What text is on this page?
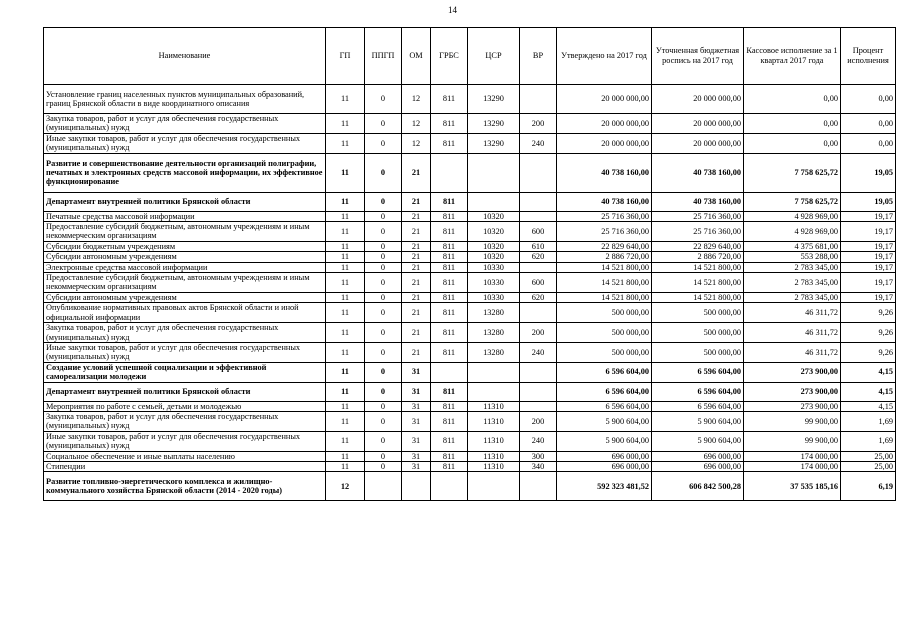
14
Наименование	ГП	ППГП	ОМ	ГРБС	ЦСР	ВР	Утверждено на 2017 год	Уточненная бюджетная роспись на 2017 год	Кассовое исполнение за 1 квартал 2017 года	Процент исполнения
Установление границ населенных пунктов муниципальных образований, границ Брянской области в виде координатного описания	11	0	12	811	13290		20 000 000,00	20 000 000,00	0,00	0,00
Закупка товаров, работ и услуг для обеспечения государственных (муниципальных) нужд	11	0	12	811	13290	200	20 000 000,00	20 000 000,00	0,00	0,00
Иные закупки товаров, работ и услуг для обеспечения государственных (муниципальных) нужд	11	0	12	811	13290	240	20 000 000,00	20 000 000,00	0,00	0,00
Развитие и совершенствование деятельности организаций полиграфии, печатных и электронных средств массовой информации, их эффективное функционирование	11	0	21				40 738 160,00	40 738 160,00	7 758 625,72	19,05
Департамент внутренней политики Брянской области	11	0	21	811			40 738 160,00	40 738 160,00	7 758 625,72	19,05
Печатные средства массовой информации	11	0	21	811	10320		25 716 360,00	25 716 360,00	4 928 969,00	19,17
Предоставление субсидий бюджетным, автономным учреждениям и иным некоммерческим организациям	11	0	21	811	10320	600	25 716 360,00	25 716 360,00	4 928 969,00	19,17
Субсидии бюджетным учреждениям	11	0	21	811	10320	610	22 829 640,00	22 829 640,00	4 375 681,00	19,17
Субсидии автономным учреждениям	11	0	21	811	10320	620	2 886 720,00	2 886 720,00	553 288,00	19,17
Электронные средства массовой информации	11	0	21	811	10330		14 521 800,00	14 521 800,00	2 783 345,00	19,17
Предоставление субсидий бюджетным, автономным учреждениям и иным некоммерческим организациям	11	0	21	811	10330	600	14 521 800,00	14 521 800,00	2 783 345,00	19,17
Субсидии автономным учреждениям	11	0	21	811	10330	620	14 521 800,00	14 521 800,00	2 783 345,00	19,17
Опубликование нормативных правовых актов Брянской области и иной официальной информации	11	0	21	811	13280		500 000,00	500 000,00	46 311,72	9,26
Закупка товаров, работ и услуг для обеспечения государственных (муниципальных) нужд	11	0	21	811	13280	200	500 000,00	500 000,00	46 311,72	9,26
Иные закупки товаров, работ и услуг для обеспечения государственных (муниципальных) нужд	11	0	21	811	13280	240	500 000,00	500 000,00	46 311,72	9,26
Создание условий успешной социализации и эффективной самореализации молодежи	11	0	31				6 596 604,00	6 596 604,00	273 900,00	4,15
Департамент внутренней политики Брянской области	11	0	31	811			6 596 604,00	6 596 604,00	273 900,00	4,15
Мероприятия по работе с семьей, детьми и молодежью	11	0	31	811	11310		6 596 604,00	6 596 604,00	273 900,00	4,15
Закупка товаров, работ и услуг для обеспечения государственных (муниципальных) нужд	11	0	31	811	11310	200	5 900 604,00	5 900 604,00	99 900,00	1,69
Иные закупки товаров, работ и услуг для обеспечения государственных (муниципальных) нужд	11	0	31	811	11310	240	5 900 604,00	5 900 604,00	99 900,00	1,69
Социальное обеспечение и иные выплаты населению	11	0	31	811	11310	300	696 000,00	696 000,00	174 000,00	25,00
Стипендии	11	0	31	811	11310	340	696 000,00	696 000,00	174 000,00	25,00
Развитие топливно-энергетического комплекса и жилищно-коммунального хозяйства Брянской области (2014 - 2020 годы)	12						592 323 481,52	606 842 500,28	37 535 185,16	6,19
